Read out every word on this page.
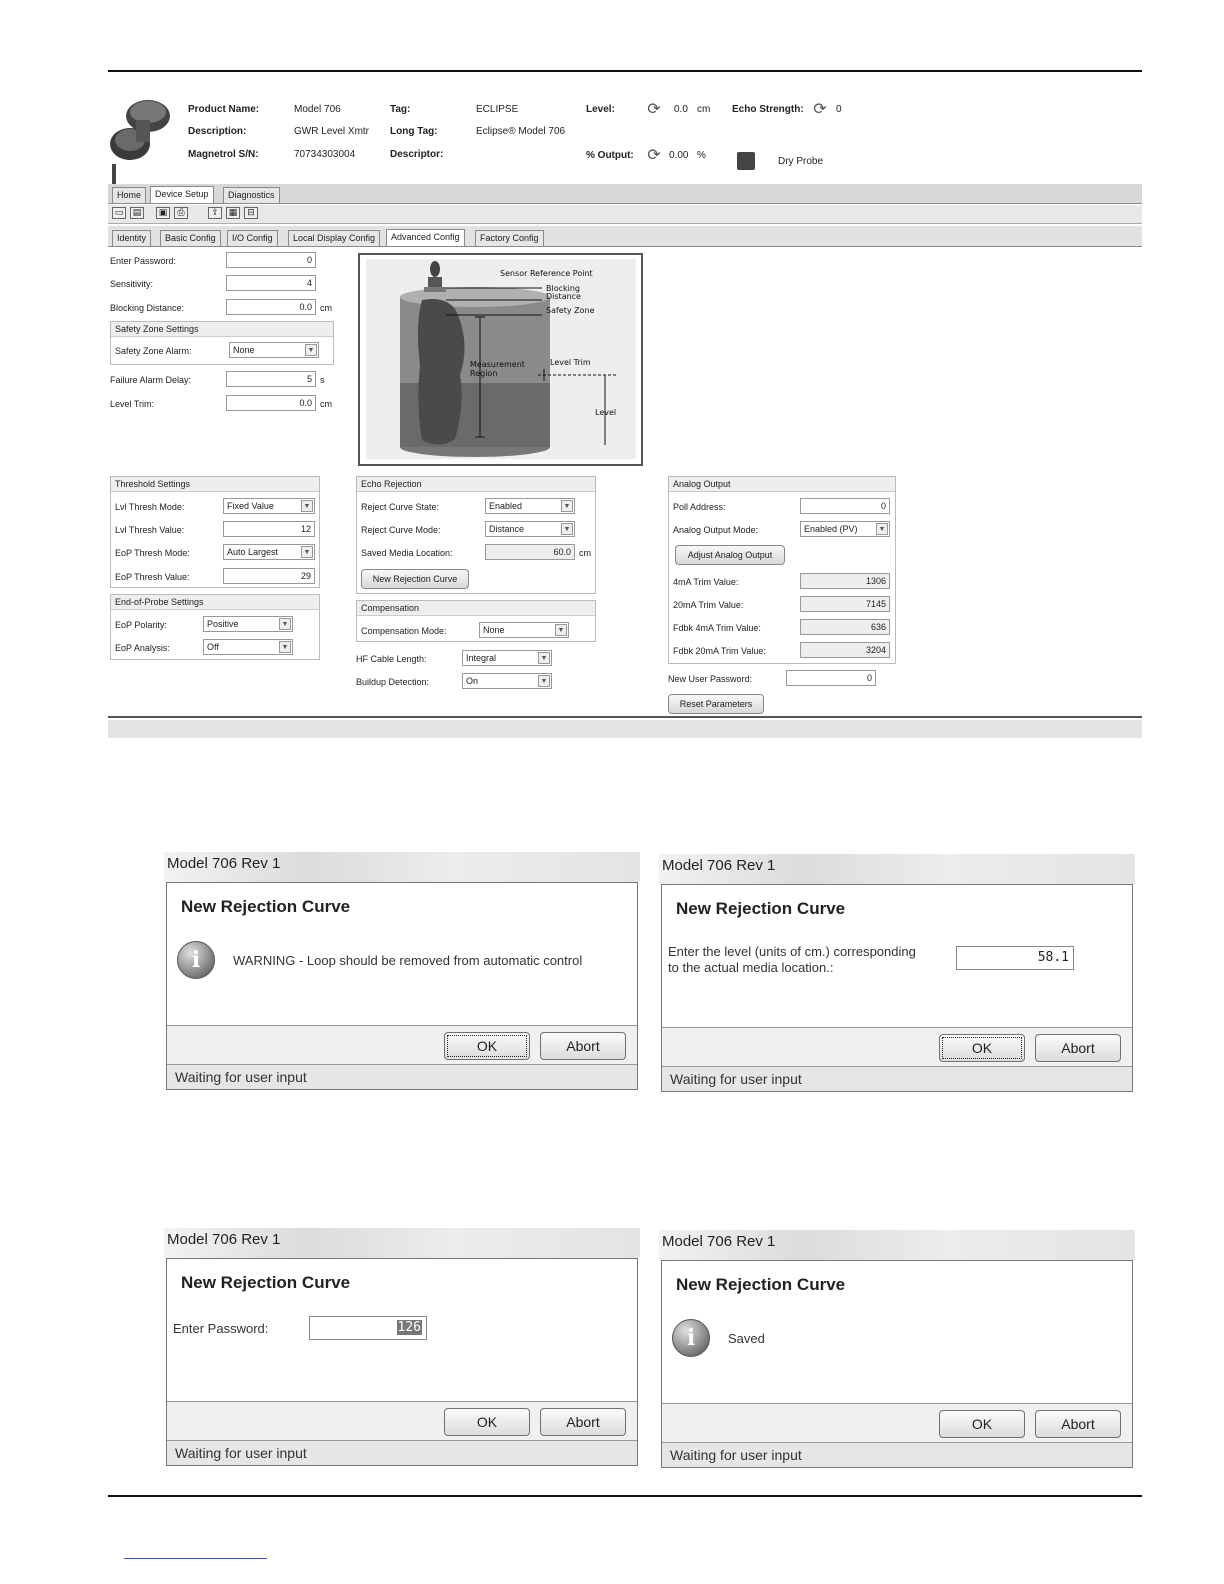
Product Name:	Model 706
Description:	GWR Level Xmtr
Magnetrol S/N:	70734303004
Tag:	ECLIPSE
Long Tag:	Eclipse® Model 706
Descriptor:
Level: ⟳ 0.0 cm
% Output: ⟳ 0.00 %
Echo Strength: ⟳ 0
Dry Probe
Home	Device Setup	Diagnostics
▭	▤	▣	⎙	⇪	▦	⊟
Identity	Basic Config	I/O Config	Local Display Config	Advanced Config	Factory Config
Enter Password:	0
Sensitivity:	4
Blocking Distance:	0.0 cm
Safety Zone Settings
Safety Zone Alarm:	None	▼
Failure Alarm Delay:	5 s
Level Trim:	0.0 cm
Sensor Reference Point
Blocking
Distance
Safety Zone
Measurement
Region
Level Trim
Level
Threshold Settings
Lvl Thresh Mode:	Fixed Value	▼
Lvl Thresh Value:	12
EoP Thresh Mode:	Auto Largest	▼
EoP Thresh Value:	29
End-of-Probe Settings
EoP Polarity:	Positive	▼
EoP Analysis:	Off	▼
Echo Rejection
Reject Curve State:	Enabled	▼
Reject Curve Mode:	Distance	▼
Saved Media Location:	60.0 cm
New Rejection Curve
Compensation
Compensation Mode:	None	▼
HF Cable Length:	Integral	▼
Buildup Detection:	On	▼
Analog Output
Poll Address:	0
Analog Output Mode:	Enabled (PV)	▼
Adjust Analog Output
4mA Trim Value:	1306
20mA Trim Value:	7145
Fdbk 4mA Trim Value:	636
Fdbk 20mA Trim Value:	3204
New User Password:	0
Reset Parameters
Model 706 Rev 1
New Rejection Curve
i	WARNING - Loop should be removed from automatic control
OK	Abort
Waiting for user input
Model 706 Rev 1
New Rejection Curve
Enter the level (units of cm.) corresponding
to the actual media location.:
58.1
OK	Abort
Waiting for user input
Model 706 Rev 1
New Rejection Curve
Enter Password:	126
OK	Abort
Waiting for user input
Model 706 Rev 1
New Rejection Curve
i	Saved
OK	Abort
Waiting for user input
